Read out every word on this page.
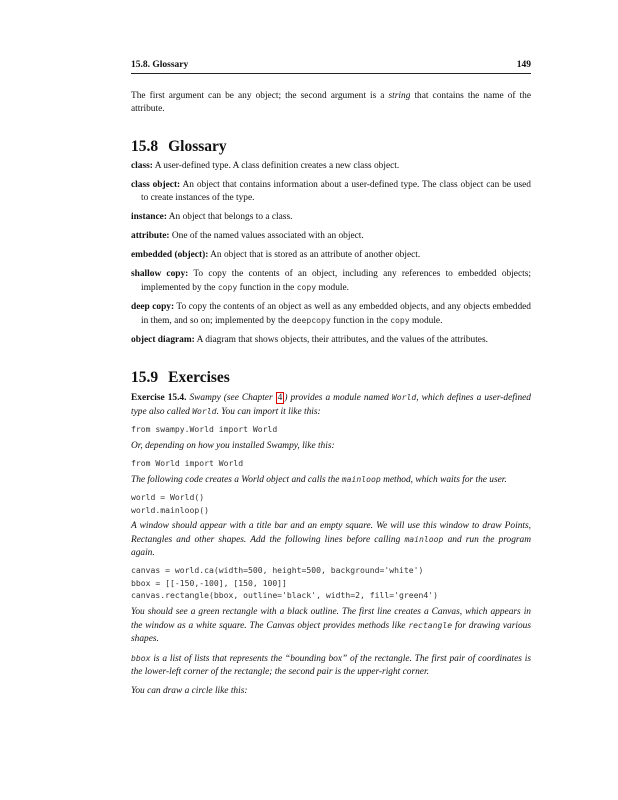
15.8. Glossary	149

The first argument can be any object; the second argument is a string that contains the name of the attribute.

15.8 Glossary
class: A user-defined type. A class definition creates a new class object.
class object: An object that contains information about a user-defined type. The class object can be used to create instances of the type.
instance: An object that belongs to a class.
attribute: One of the named values associated with an object.
embedded (object): An object that is stored as an attribute of another object.
shallow copy: To copy the contents of an object, including any references to embedded objects; implemented by the copy function in the copy module.
deep copy: To copy the contents of an object as well as any embedded objects, and any objects embedded in them, and so on; implemented by the deepcopy function in the copy module.
object diagram: A diagram that shows objects, their attributes, and the values of the attributes.
15.9 Exercises

Exercise 15.4. Swampy (see Chapter 4 ) provides a module named World, which defines a user-defined type also called World. You can import it like this:

from swampy.World import World

Or, depending on how you installed Swampy, like this:

from World import World

The following code creates a World object and calls the mainloop method, which waits for the user.

world = World()
world.mainloop()

A window should appear with a title bar and an empty square. We will use this window to draw Points, Rectangles and other shapes. Add the following lines before calling mainloop and run the program again.

canvas = world.ca(width=500, height=500, background='white')
bbox = [[-150,-100], [150, 100]]
canvas.rectangle(bbox, outline='black', width=2, fill='green4')

You should see a green rectangle with a black outline. The first line creates a Canvas, which appears in the window as a white square. The Canvas object provides methods like rectangle for drawing various shapes.

bbox is a list of lists that represents the “bounding box” of the rectangle. The first pair of coordinates is the lower-left corner of the rectangle; the second pair is the upper-right corner.

You can draw a circle like this:
